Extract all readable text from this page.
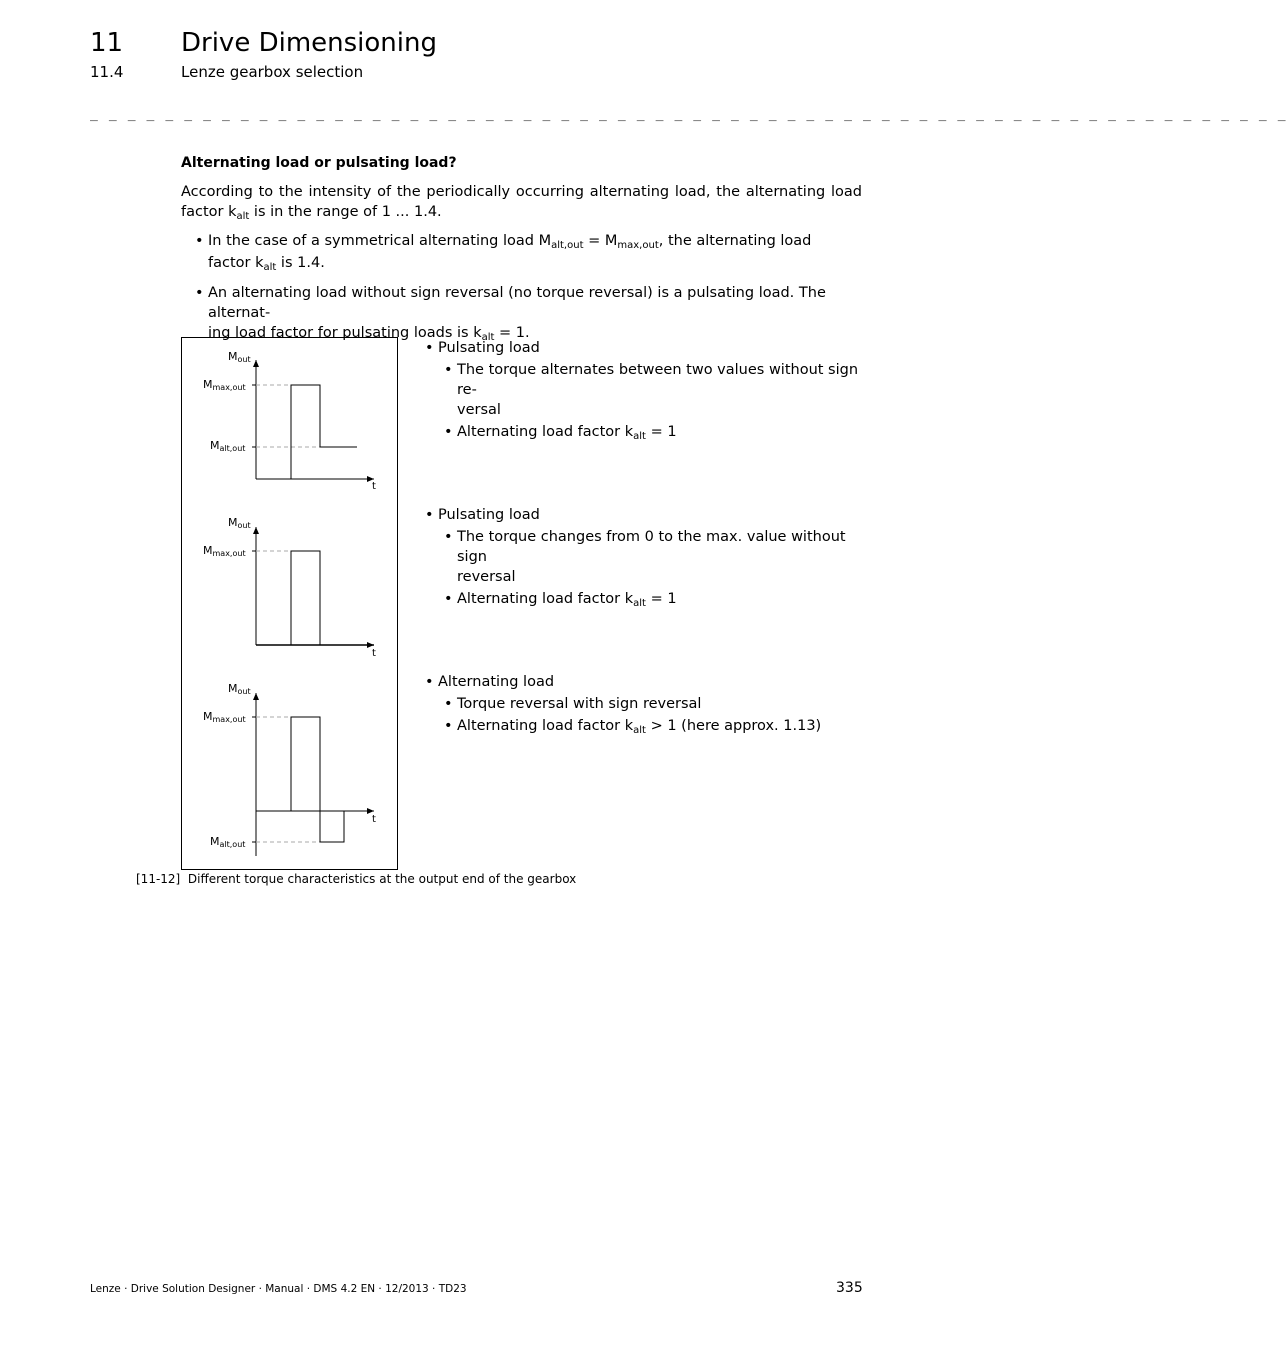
11 Drive Dimensioning
11.4	Lenze gearbox selection
_ _ _ _ _ _ _ _ _ _ _ _ _ _ _ _ _ _ _ _ _ _ _ _ _ _ _ _ _ _ _ _ _ _ _ _ _ _ _ _ _ _ _ _ _ _ _ _ _ _ _ _ _ _ _ _ _ _ _ _ _ _ _ _
Alternating load or pulsating load?
According to the intensity of the periodically occurring alternating load, the alternating load factor $k_{alt}$ is in the range of 1 ... 1.4.
• In the case of a symmetrical alternating load $M_{alt,out} = M_{max,out}$, the alternating load
factor $k_{alt}$ is 1.4.
• An alternating load without sign reversal (no torque reversal) is a pulsating load. The alternat-
ing load factor for pulsating loads is $k_{alt} = 1$.
Mout
Mmax,out
Malt,out
t
Mout
Mmax,out
t
Mout
Mmax,out
Malt,out
t
• Pulsating load
• The torque alternates between two values without sign re-
versal
• Alternating load factor $k_{alt} = 1$
• Pulsating load
• The torque changes from 0 to the max. value without sign
reversal
• Alternating load factor $k_{alt} = 1$
• Alternating load
• Torque reversal with sign reversal
• Alternating load factor $k_{alt} > 1$ (here approx. 1.13)
[11-12] Different torque characteristics at the output end of the gearbox
Lenze · Drive Solution Designer · Manual · DMS 4.2 EN · 12/2013 · TD23	335
